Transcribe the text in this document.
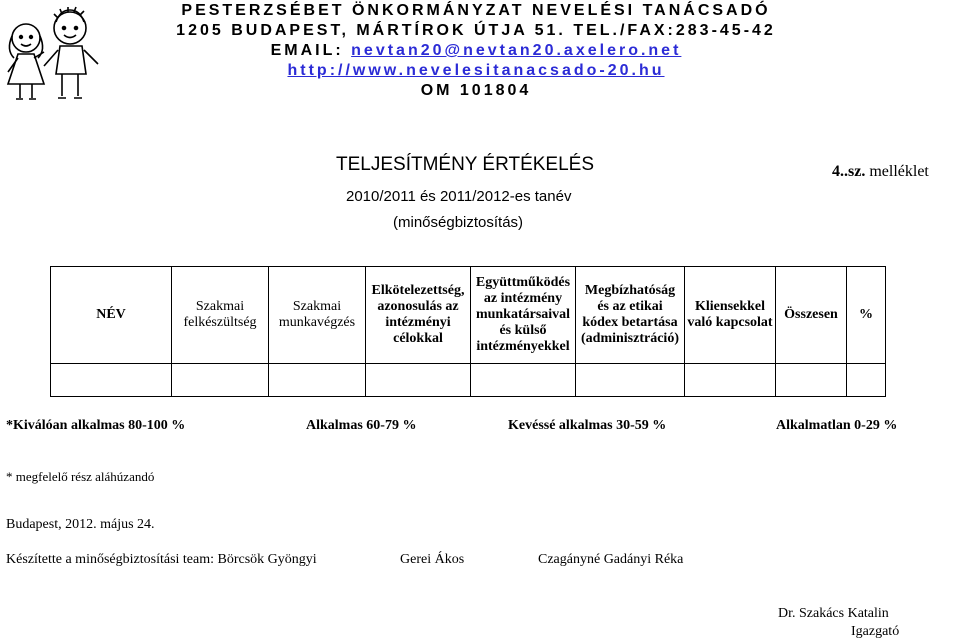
PESTERZSÉBET ÖNKORMÁNYZAT NEVELÉSI TANÁCSADÓ
1205 BUDAPEST, MÁRTÍROK ÚTJA 51. TEL./FAX:283-45-42
EMAIL: nevtan20@nevtan20.axelero.net
http://www.nevelesitanacsado-20.hu
OM 101804
TELJESÍTMÉNY ÉRTÉKELÉS	4..sz. melléklet
2010/2011 és 2011/2012-es tanév
(minőségbiztosítás)
NÉV	Szakmai felkészültség	Szakmai munkavégzés	Elkötelezettség, azonosulás az intézményi célokkal	Együttműködés az intézmény munkatársaival és külső intézményekkel	Megbízhatóság és az etikai kódex betartása (adminisztráció)	Kliensekkel való kapcsolat	Összesen	%

*Kiválóan alkalmas 80-100 %	Alkalmas 60-79 %	Kevéssé alkalmas 30-59 %	Alkalmatlan 0-29 %
* megfelelő rész aláhúzandó
Budapest, 2012. május 24.
Készítette a minőségbiztosítási team: Börcsök Gyöngyi	Gerei Ákos	Czagányné Gadányi Réka
Dr. Szakács Katalin
Igazgató
